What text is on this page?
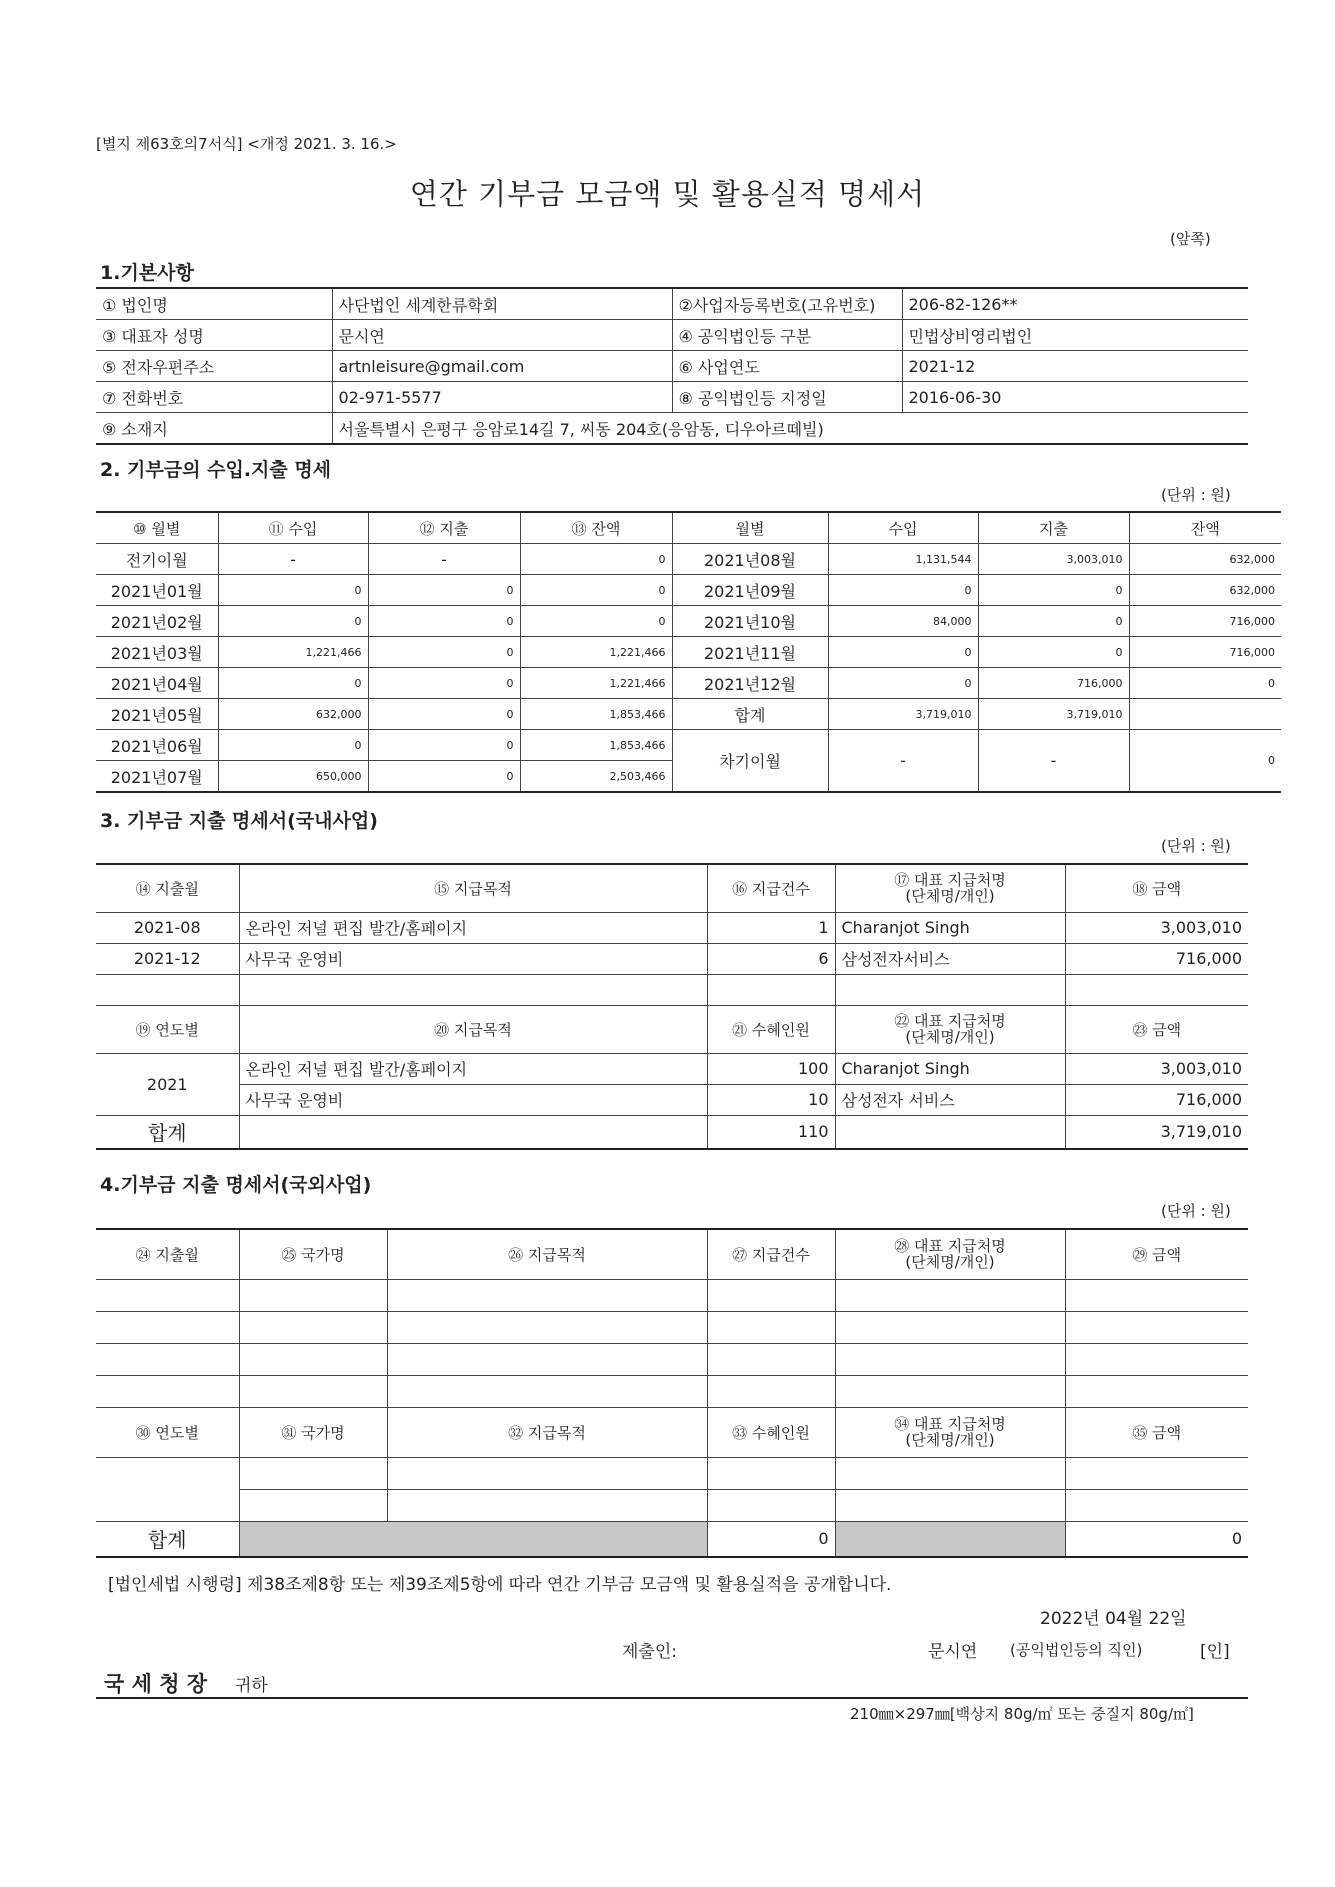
[별지 제63호의7서식] <개정 2021. 3. 16.>
연간 기부금 모금액 및 활용실적 명세서
(앞쪽)
1.기본사항
① 법인명	사단법인 세계한류학회	②사업자등록번호(고유번호)	206-82-126**
③ 대표자 성명	문시연	④ 공익법인등 구분	민법상비영리법인
⑤ 전자우편주소	artnleisure@gmail.com	⑥ 사업연도	2021-12
⑦ 전화번호	02-971-5577	⑧ 공익법인등 지정일	2016-06-30
⑨ 소재지	서울특별시 은평구 응암로14길 7, 씨동 204호(응암동, 디우아르떼빌)		
2. 기부금의 수입.지출 명세
(단위 : 원)
⑩ 월별	⑪ 수입	⑫ 지출	⑬ 잔액	월별	수입	지출	잔액
전기이월	-	-	0	2021년08월	1,131,544	3,003,010	632,000
2021년01월	0	0	0	2021년09월	0	0	632,000
2021년02월	0	0	0	2021년10월	84,000	0	716,000
2021년03월	1,221,466	0	1,221,466	2021년11월	0	0	716,000
2021년04월	0	0	1,221,466	2021년12월	0	716,000	0
2021년05월	632,000	0	1,853,466	합계	3,719,010	3,719,010	
2021년06월	0	0	1,853,466	차기이월	-	-	0
2021년07월	650,000	0	2,503,466				
3. 기부금 지출 명세서(국내사업)
(단위 : 원)
⑭ 지출월	⑮ 지급목적	⑯ 지급건수	⑰ 대표 지급처명
(단체명/개인)	⑱ 금액
2021-08	온라인 저널 편집 발간/홈페이지	1	Charanjot Singh	3,003,010
2021-12	사무국 운영비	6	삼성전자서비스	716,000

⑲ 연도별	⑳ 지급목적	㉑ 수혜인원	㉒ 대표 지급처명
(단체명/개인)	㉓ 금액
2021	온라인 저널 편집 발간/홈페이지	100	Charanjot Singh	3,003,010
	사무국 운영비	10	삼성전자 서비스	716,000
합계		110		3,719,010
4.기부금 지출 명세서(국외사업)
(단위 : 원)
㉔ 지출월	㉕ 국가명	㉖ 지급목적	㉗ 지급건수	㉘ 대표 지급처명
(단체명/개인)	㉙ 금액

㉚ 연도별	㉛ 국가명	㉜ 지급목적	㉝ 수혜인원	㉞ 대표 지급처명
(단체명/개인)	㉟ 금액

합계			0		0
[법인세법 시행령] 제38조제8항 또는 제39조제5항에 따라 연간 기부금 모금액 및 활용실적을 공개합니다.
2022년 04월 22일
제출인:	문시연 (공익법인등의 직인)	[인]
국 세 청 장 귀하
210㎜×297㎜[백상지 80g/㎡ 또는 중질지 80g/㎡]
